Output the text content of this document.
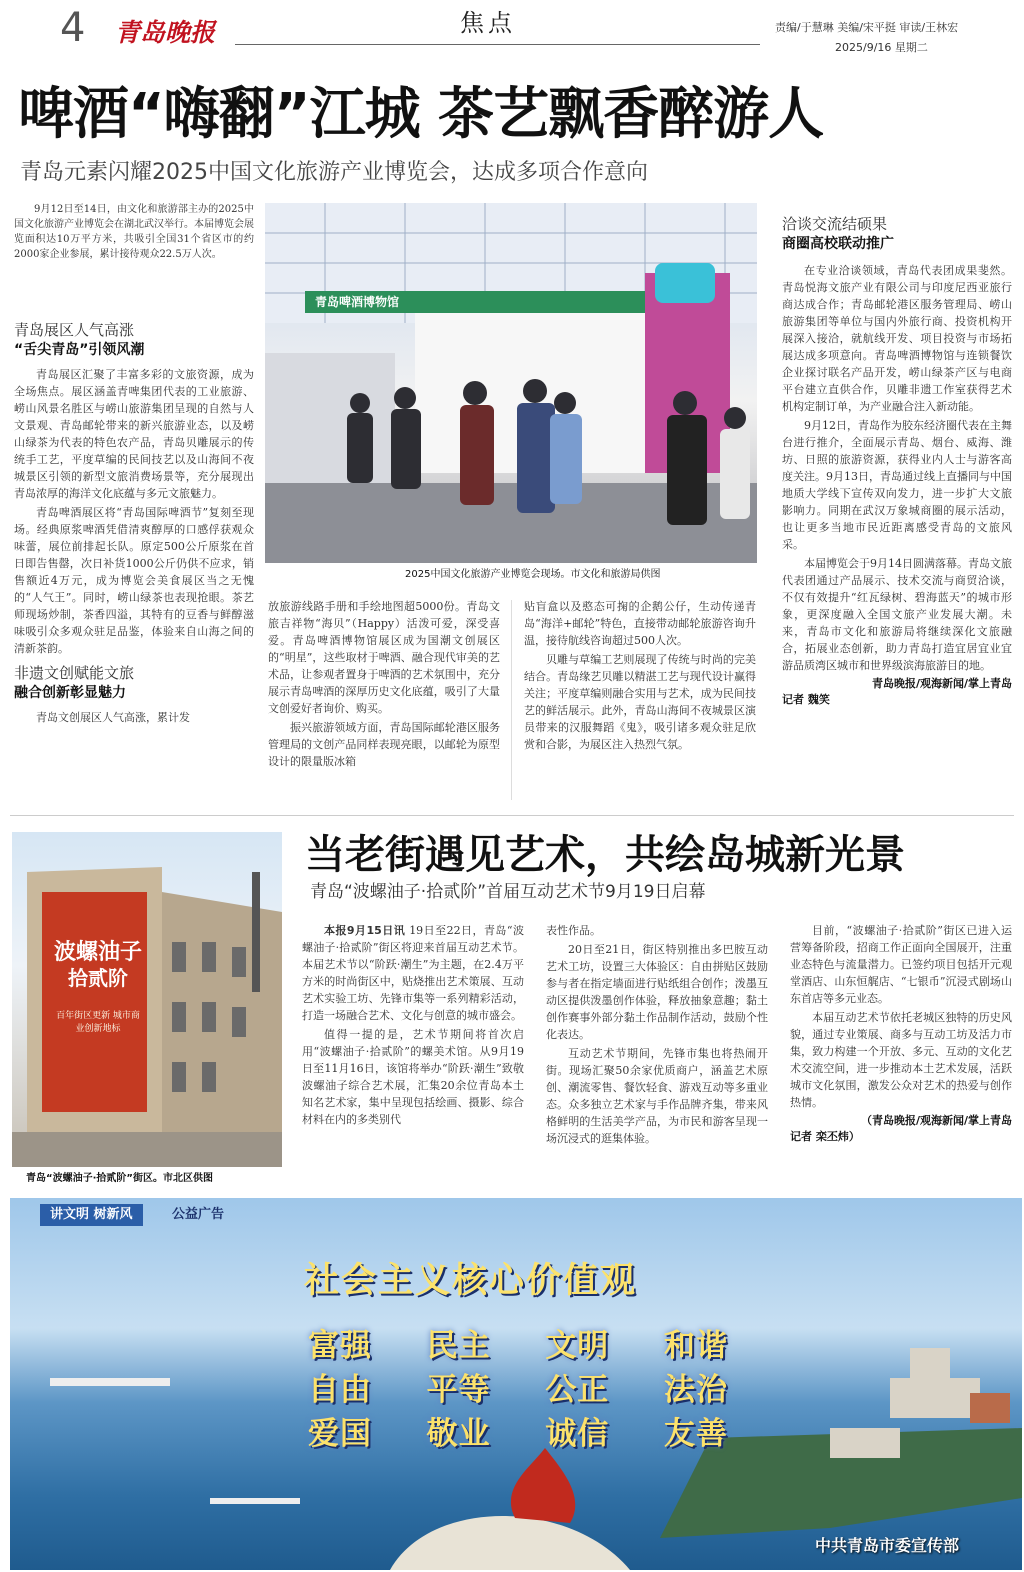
4 青岛晚报	焦点	责编/于慧琳 美编/宋平挺 审读/王林宏
2025/9/16 星期二
啤酒“嗨翻”江城 茶艺飘香醉游人
青岛元素闪耀2025中国文化旅游产业博览会，达成多项合作意向

9月12日至14日，由文化和旅游部主办的2025中国文化旅游产业博览会在湖北武汉举行。本届博览会展览面积达10万平方米，共吸引全国31个省区市的约2000家企业参展，累计接待观众22.5万人次。

青岛展区人气高涨
“舌尖青岛”引领风潮

青岛展区汇聚了丰富多彩的文旅资源，成为全场焦点。展区涵盖青啤集团代表的工业旅游、崂山风景名胜区与崂山旅游集团呈现的自然与人文景观、青岛邮轮带来的新兴旅游业态，以及崂山绿茶为代表的特色农产品，青岛贝雕展示的传统手工艺，平度草编的民间技艺以及山海间不夜城景区引领的新型文旅消费场景等，充分展现出青岛浓厚的海洋文化底蕴与多元文旅魅力。

青岛啤酒展区将“青岛国际啤酒节”复刻至现场。经典原浆啤酒凭借清爽醇厚的口感俘获观众味蕾，展位前排起长队。原定500公斤原浆在首日即告售罄，次日补货1000公斤仍供不应求，销售额近4万元，成为博览会美食展区当之无愧的“人气王”。同时，崂山绿茶也表现抢眼。茶艺师现场炒制，茶香四溢，其特有的豆香与鲜醇滋味吸引众多观众驻足品鉴，体验来自山海之间的清新茶韵。

非遗文创赋能文旅
融合创新彰显魅力

青岛文创展区人气高涨，累计发

青岛啤酒博物馆
2025中国文化旅游产业博览会现场。市文化和旅游局供图

放旅游线路手册和手绘地图超5000份。青岛文旅吉祥物“海贝”（Happy）活泼可爱，深受喜爱。青岛啤酒博物馆展区成为国潮文创展区的“明星”，这些取材于啤酒、融合现代审美的艺术品，让参观者置身于啤酒的艺术氛围中，充分展示青岛啤酒的深厚历史文化底蕴，吸引了大量文创爱好者询价、购买。

振兴旅游领域方面，青岛国际邮轮港区服务管理局的文创产品同样表现亮眼，以邮轮为原型设计的限量版冰箱

贴盲盒以及憨态可掬的企鹅公仔，生动传递青岛“海洋+邮轮”特色，直接带动邮轮旅游咨询升温，接待航线咨询超过500人次。

贝雕与草编工艺则展现了传统与时尚的完美结合。青岛缘艺贝雕以精湛工艺与现代设计赢得关注；平度草编则融合实用与艺术，成为民间技艺的鲜活展示。此外，青岛山海间不夜城景区演员带来的汉服舞蹈《鬼》，吸引诸多观众驻足欣赏和合影，为展区注入热烈气氛。

洽谈交流结硕果
商圈高校联动推广

在专业洽谈领域，青岛代表团成果斐然。青岛悦海文旅产业有限公司与印度尼西亚旅行商达成合作；青岛邮轮港区服务管理局、崂山旅游集团等单位与国内外旅行商、投资机构开展深入接洽，就航线开发、项目投资与市场拓展达成多项意向。青岛啤酒博物馆与连锁餐饮企业探讨联名产品开发，崂山绿茶产区与电商平台建立直供合作，贝雕非遗工作室获得艺术机构定制订单，为产业融合注入新动能。

9月12日，青岛作为胶东经济圈代表在主舞台进行推介，全面展示青岛、烟台、威海、潍坊、日照的旅游资源，获得业内人士与游客高度关注。9月13日，青岛通过线上直播同与中国地质大学线下宣传双向发力，进一步扩大文旅影响力。同期在武汉万象城商圈的展示活动，也让更多当地市民近距离感受青岛的文旅风采。

本届博览会于9月14日圆满落幕。青岛文旅代表团通过产品展示、技术交流与商贸洽谈，不仅有效提升“红瓦绿树、碧海蓝天”的城市形象，更深度融入全国文旅产业发展大潮。未来，青岛市文化和旅游局将继续深化文旅融合，拓展业态创新，助力青岛打造宜居宜业宜游品质湾区城市和世界级滨海旅游目的地。

青岛晚报/观海新闻/掌上青岛
记者 魏笑
波螺油子
拾贰阶
百年街区更新 城市商业创新地标
青岛“波螺油子·拾贰阶”街区。市北区供图
当老街遇见艺术，共绘岛城新光景
青岛“波螺油子·拾贰阶”首届互动艺术节9月19日启幕

本报9月15日讯 19日至22日，青岛“波螺油子·拾贰阶”街区将迎来首届互动艺术节。本届艺术节以“阶跃·潮生”为主题，在2.4万平方米的时尚街区中，贴烧推出艺术策展、互动艺术实验工坊、先锋市集等一系列精彩活动，打造一场融合艺术、文化与创意的城市盛会。

值得一提的是，艺术节期间将首次启用“波螺油子·拾贰阶”的螺美术馆。从9月19日至11月16日，该馆将举办“阶跃·潮生”致敬波螺油子综合艺术展，汇集20余位青岛本土知名艺术家，集中呈现包括绘画、摄影、综合材料在内的多类别代

表性作品。

20日至21日，街区特别推出多巴胺互动艺术工坊，设置三大体验区：自由拼贴区鼓励参与者在指定墙面进行贴纸组合创作；泼墨互动区提供泼墨创作体验，释放抽象意趣；黏土创作赛事外部分黏土作品制作活动，鼓励个性化表达。

互动艺术节期间，先锋市集也将热闹开街。现场汇聚50余家优质商户，涵盖艺术原创、潮流零售、餐饮轻食、游戏互动等多重业态。众多独立艺术家与手作品牌齐集，带来风格鲜明的生活美学产品，为市民和游客呈现一场沉浸式的逛集体验。

目前，“波螺油子·拾贰阶”街区已进入运营筹备阶段，招商工作正面向全国展开，注重业态特色与流量潜力。已签约项目包括开元观堂酒店、山东恒艉店、“七银币”沉浸式剧场山东首店等多元业态。

本届互动艺术节依托老城区独特的历史风貌，通过专业策展、商多与互动工坊及活力市集，致力构建一个开放、多元、互动的文化艺术交流空间，进一步推动本土艺术发展，活跃城市文化氛围，激发公众对艺术的热爱与创作热情。

（青岛晚报/观海新闻/掌上青岛
记者 栾丕炜）
讲文明 树新风	公益广告
社会主义核心价值观
富强 民主 文明 和谐
自由 平等 公正 法治
爱国 敬业 诚信 友善
中共青岛市委宣传部
